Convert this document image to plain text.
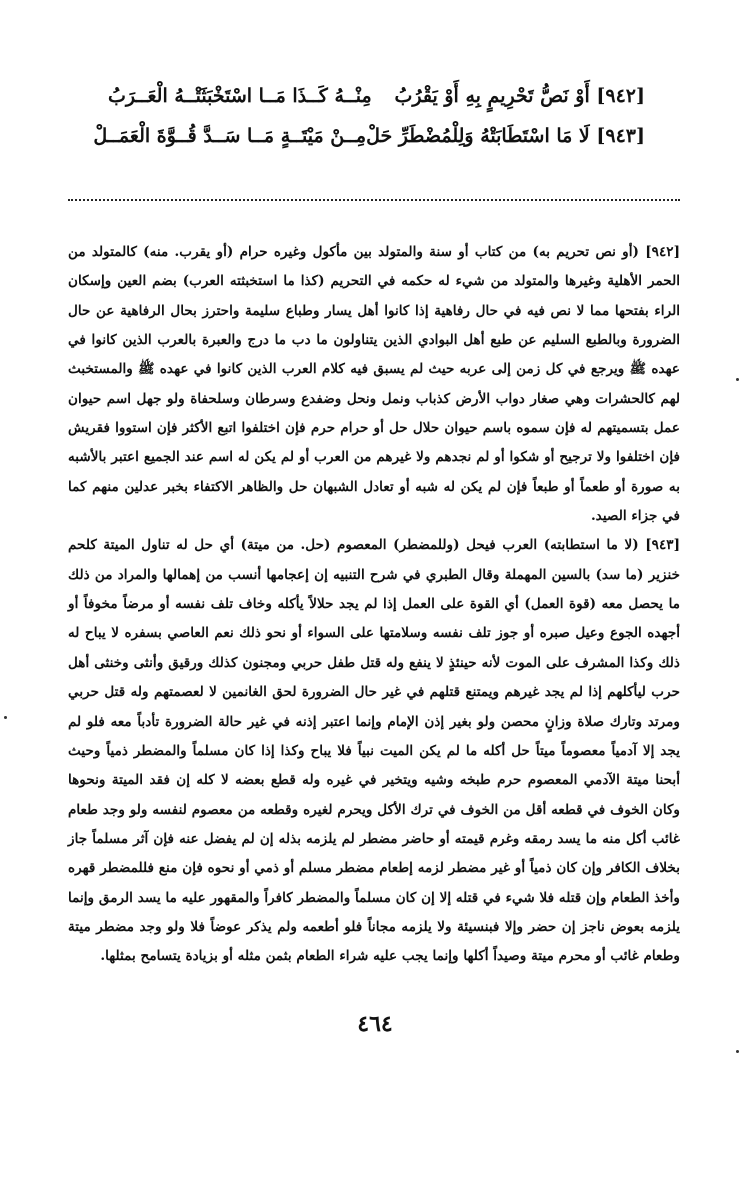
[٩٤٢] أَوْ نَصُّ تَحْرِيمٍ بِهِ أَوْ يَقْرُبُ
مِنْــهُ كَــذَا مَــا اسْتَخْبَثَتْــهُ الْعَــرَبُ
[٩٤٣] لَا مَا اسْتَطَابَتْهُ وَلِلْمُضْطَرِّ حَلْ
مِــنْ مَيْتَــةٍ مَــا سَــدَّ قُــوَّةَ الْعَمَــلْ

[٩٤٢] (أو نص تحريم به) من كتاب أو سنة والمتولد بين مأكول وغيره حرام (أو يقرب. منه) كالمتولد من الحمر الأهلية وغيرها والمتولد من شيء له حكمه في التحريم (كذا ما استخبثته العرب) بضم العين وإسكان الراء بفتحها مما لا نص فيه في حال رفاهية إذا كانوا أهل يسار وطباع سليمة واحترز بحال الرفاهية عن حال الضرورة وبالطبع السليم عن طبع أهل البوادي الذين يتناولون ما دب ما درج والعبرة بالعرب الذين كانوا في عهده ﷺ ويرجع في كل زمن إلى عربه حيث لم يسبق فيه كلام العرب الذين كانوا في عهده ﷺ والمستخبث لهم كالحشرات وهي صغار دواب الأرض كذباب ونمل ونحل وضفدع وسرطان وسلحفاة ولو جهل اسم حيوان عمل بتسميتهم له فإن سموه باسم حيوان حلال حل أو حرام حرم فإن اختلفوا اتبع الأكثر فإن استووا فقريش فإن اختلفوا ولا ترجيح أو شكوا أو لم نجدهم ولا غيرهم من العرب أو لم يكن له اسم عند الجميع اعتبر بالأشبه به صورة أو طعماً أو طبعاً فإن لم يكن له شبه أو تعادل الشبهان حل والظاهر الاكتفاء بخبر عدلين منهم كما في جزاء الصيد.

[٩٤٣] (لا ما استطابته) العرب فيحل (وللمضطر) المعصوم (حل. من ميتة) أي حل له تناول الميتة كلحم خنزير (ما سد) بالسين المهملة وقال الطبري في شرح التنبيه إن إعجامها أنسب من إهمالها والمراد من ذلك ما يحصل معه (قوة العمل) أي القوة على العمل إذا لم يجد حلالاً يأكله وخاف تلف نفسه أو مرضاً مخوفاً أو أجهده الجوع وعيل صبره أو جوز تلف نفسه وسلامتها على السواء أو نحو ذلك نعم العاصي بسفره لا يباح له ذلك وكذا المشرف على الموت لأنه حينئذٍ لا ينفع وله قتل طفل حربي ومجنون كذلك ورقيق وأنثى وخنثى أهل حرب ليأكلهم إذا لم يجد غيرهم ويمتنع قتلهم في غير حال الضرورة لحق الغانمين لا لعصمتهم وله قتل حربي ومرتد وتارك صلاة وزانٍ محصن ولو بغير إذن الإمام وإنما اعتبر إذنه في غير حالة الضرورة تأدباً معه فلو لم يجد إلا آدمياً معصوماً ميتاً حل أكله ما لم يكن الميت نبياً فلا يباح وكذا إذا كان مسلماً والمضطر ذمياً وحيث أبحنا ميتة الآدمي المعصوم حرم طبخه وشيه ويتخير في غيره وله قطع بعضه لا كله إن فقد الميتة ونحوها وكان الخوف في قطعه أقل من الخوف في ترك الأكل ويحرم لغيره وقطعه من معصوم لنفسه ولو وجد طعام غائب أكل منه ما يسد رمقه وغرم قيمته أو حاضر مضطر لم يلزمه بذله إن لم يفضل عنه فإن آثر مسلماً جاز بخلاف الكافر وإن كان ذمياً أو غير مضطر لزمه إطعام مضطر مسلم أو ذمي أو نحوه فإن منع فللمضطر قهره وأخذ الطعام وإن قتله فلا شيء في قتله إلا إن كان مسلماً والمضطر كافراً والمقهور عليه ما يسد الرمق وإنما يلزمه بعوض ناجز إن حضر وإلا فبنسيئة ولا يلزمه مجاناً فلو أطعمه ولم يذكر عوضاً فلا ولو وجد مضطر ميتة وطعام غائب أو محرم ميتة وصيداً أكلها وإنما يجب عليه شراء الطعام بثمن مثله أو بزيادة يتسامح بمثلها.

٤٦٤
